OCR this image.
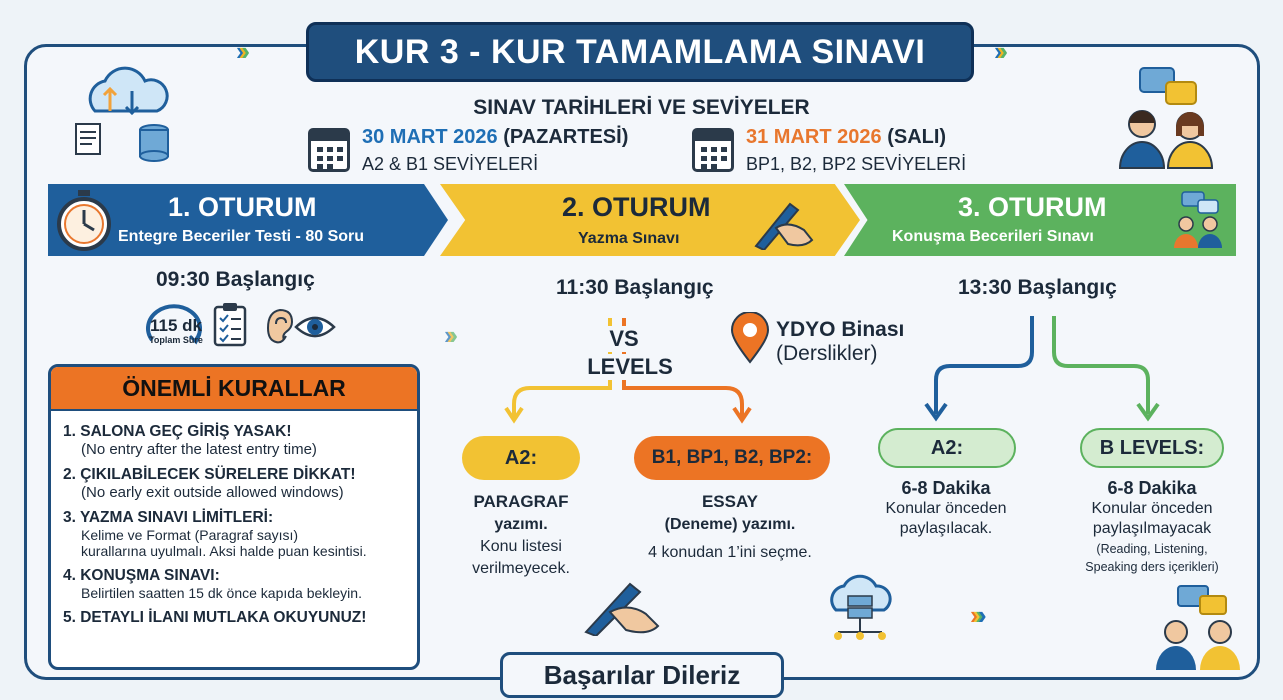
›››	KUR 3 - KUR TAMAMLAMA SINAVI	›››
SINAV TARİHLERİ VE SEVİYELER
30 MART 2026 (PAZARTESİ)
A2 & B1 SEVİYELERİ
31 MART 2026 (SALI)
BP1, B2, BP2 SEVİYELERİ
1. OTURUM
Entegre Beceriler Testi - 80 Soru
2. OTURUM
Yazma Sınavı
3. OTURUM
Konuşma Becerileri Sınavı
09:30 Başlangıç	11:30 Başlangıç	13:30 Başlangıç
115 dk
Toplam Süre
ÖNEMLİ KURALLAR
1. SALONA GEÇ GİRİŞ YASAK!
(No entry after the latest entry time)
2. ÇIKILABİLECEK SÜRELERE DİKKAT!
(No early exit outside allowed windows)
3. YAZMA SINAVI LİMİTLERİ:
Kelime ve Format (Paragraf sayısı)
kurallarına uyulmalı. Aksi halde puan kesintisi.
4. KONUŞMA SINAVI:
Belirtilen saatten 15 dk önce kapıda bekleyin.
5. DETAYLI İLANI MUTLAKA OKUYUNUZ!
›››	VS
LEVELS
YDYO Binası
(Derslikler)
A2:
PARAGRAF
yazımı.
Konu listesi
verilmeyecek.
B1, BP1, B2, BP2:
ESSAY
(Deneme) yazımı.
4 konudan 1’ini seçme.
A2:
6-8 Dakika
Konular önceden
paylaşılacak.
B LEVELS:
6-8 Dakika
Konular önceden
paylaşılmayacak
(Reading, Listening,
Speaking ders içerikleri)
››››
Başarılar Dileriz
